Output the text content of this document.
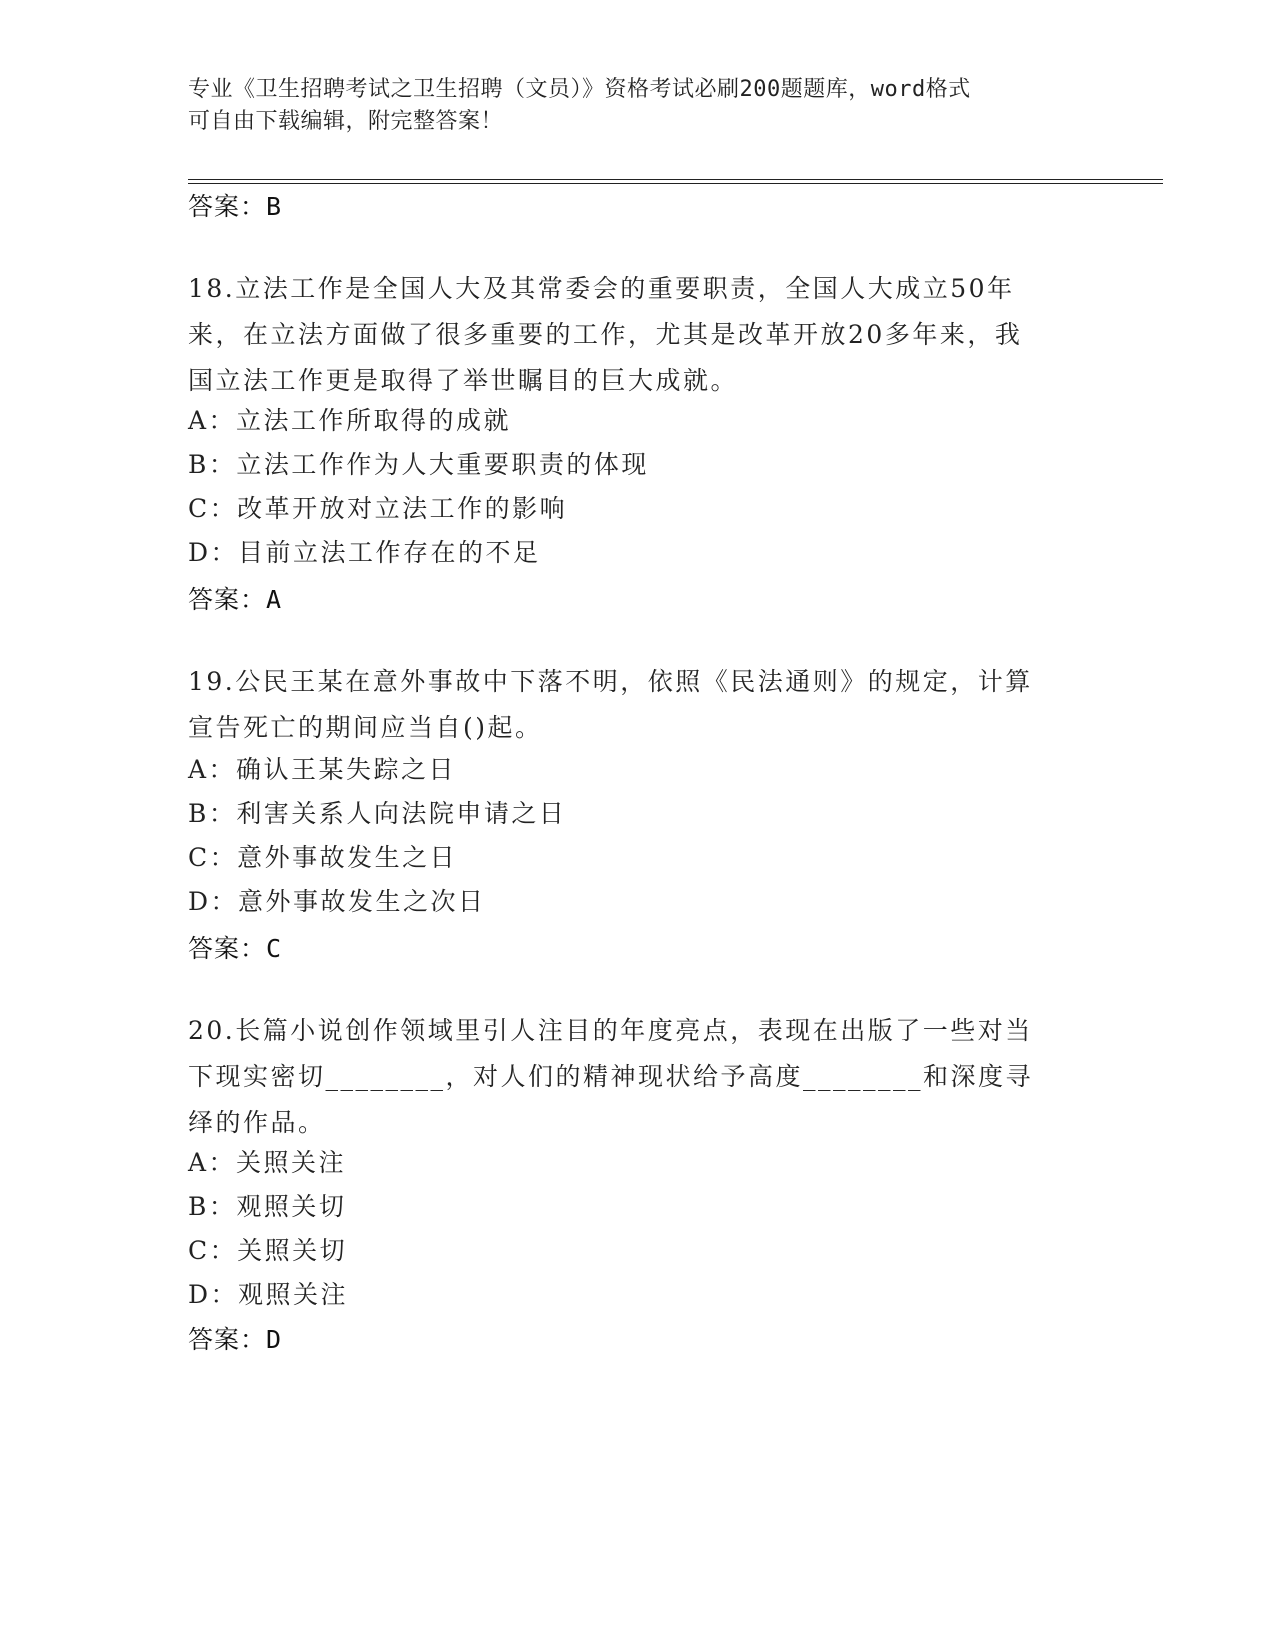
专业《卫生招聘考试之卫生招聘（文员）》资格考试必刷200题题库，word格式
可自由下载编辑，附完整答案！
答案：B
18.立法工作是全国人大及其常委会的重要职责，全国人大成立50年
来，在立法方面做了很多重要的工作，尤其是改革开放20多年来，我
国立法工作更是取得了举世瞩目的巨大成就。
A：立法工作所取得的成就
B：立法工作作为人大重要职责的体现
C：改革开放对立法工作的影响
D：目前立法工作存在的不足
答案：A
19.公民王某在意外事故中下落不明，依照《民法通则》的规定，计算
宣告死亡的期间应当自()起。
A：确认王某失踪之日
B：利害关系人向法院申请之日
C：意外事故发生之日
D：意外事故发生之次日
答案：C
20.长篇小说创作领域里引人注目的年度亮点，表现在出版了一些对当
下现实密切________，对人们的精神现状给予高度________和深度寻
绎的作品。
A：关照关注
B：观照关切
C：关照关切
D：观照关注
答案：D
